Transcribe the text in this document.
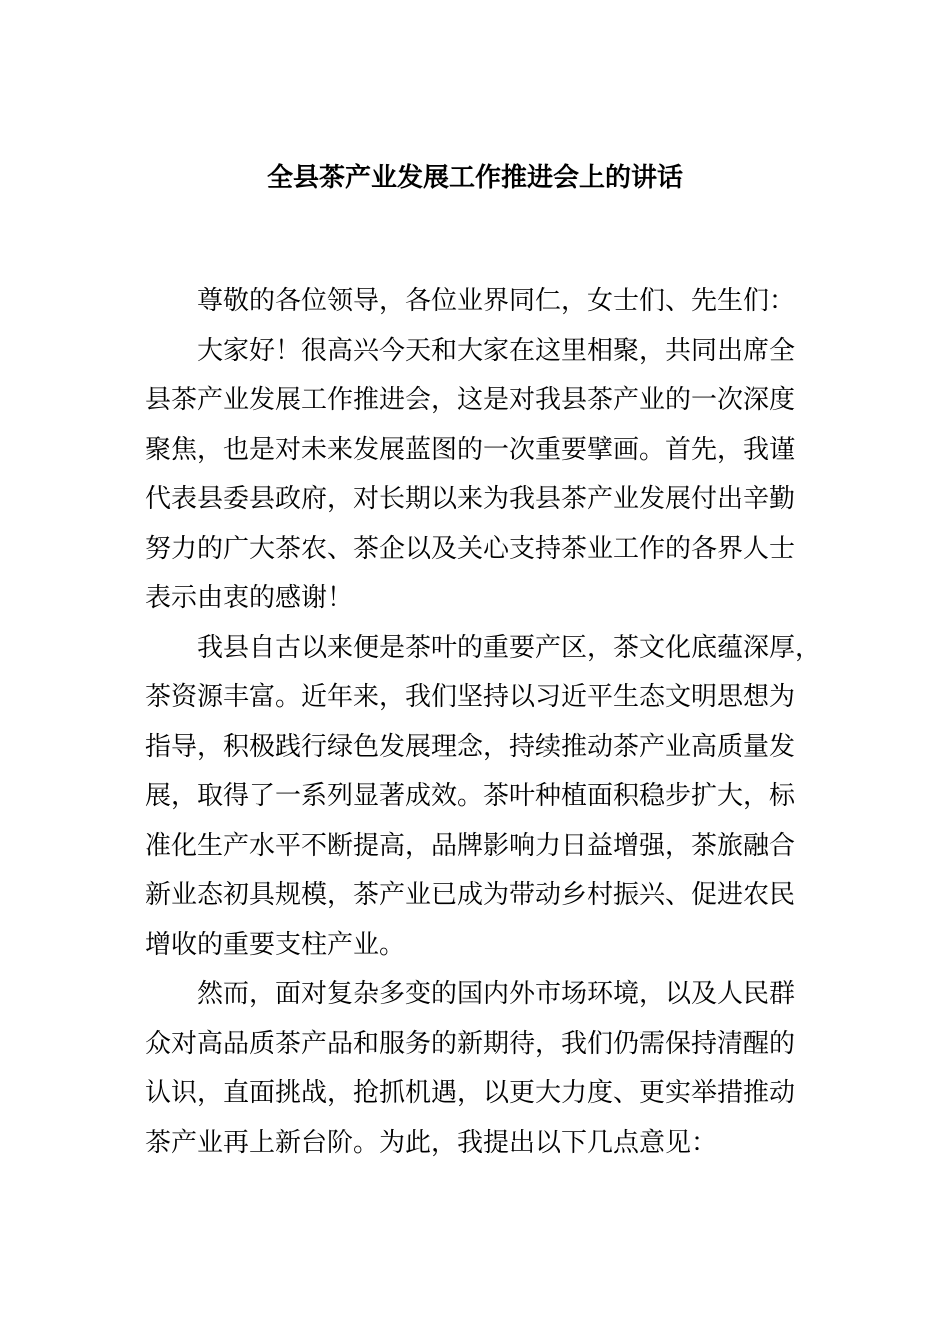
全县茶产业发展工作推进会上的讲话
尊敬的各位领导，各位业界同仁，女士们、先生们：
大家好！很高兴今天和大家在这里相聚，共同出席全
县茶产业发展工作推进会，这是对我县茶产业的一次深度
聚焦，也是对未来发展蓝图的一次重要擘画。首先，我谨
代表县委县政府，对长期以来为我县茶产业发展付出辛勤
努力的广大茶农、茶企以及关心支持茶业工作的各界人士
表示由衷的感谢！
我县自古以来便是茶叶的重要产区，茶文化底蕴深厚，
茶资源丰富。近年来，我们坚持以习近平生态文明思想为
指导，积极践行绿色发展理念，持续推动茶产业高质量发
展，取得了一系列显著成效。茶叶种植面积稳步扩大，标
准化生产水平不断提高，品牌影响力日益增强，茶旅融合
新业态初具规模，茶产业已成为带动乡村振兴、促进农民
增收的重要支柱产业。
然而，面对复杂多变的国内外市场环境，以及人民群
众对高品质茶产品和服务的新期待，我们仍需保持清醒的
认识，直面挑战，抢抓机遇，以更大力度、更实举措推动
茶产业再上新台阶。为此，我提出以下几点意见：
